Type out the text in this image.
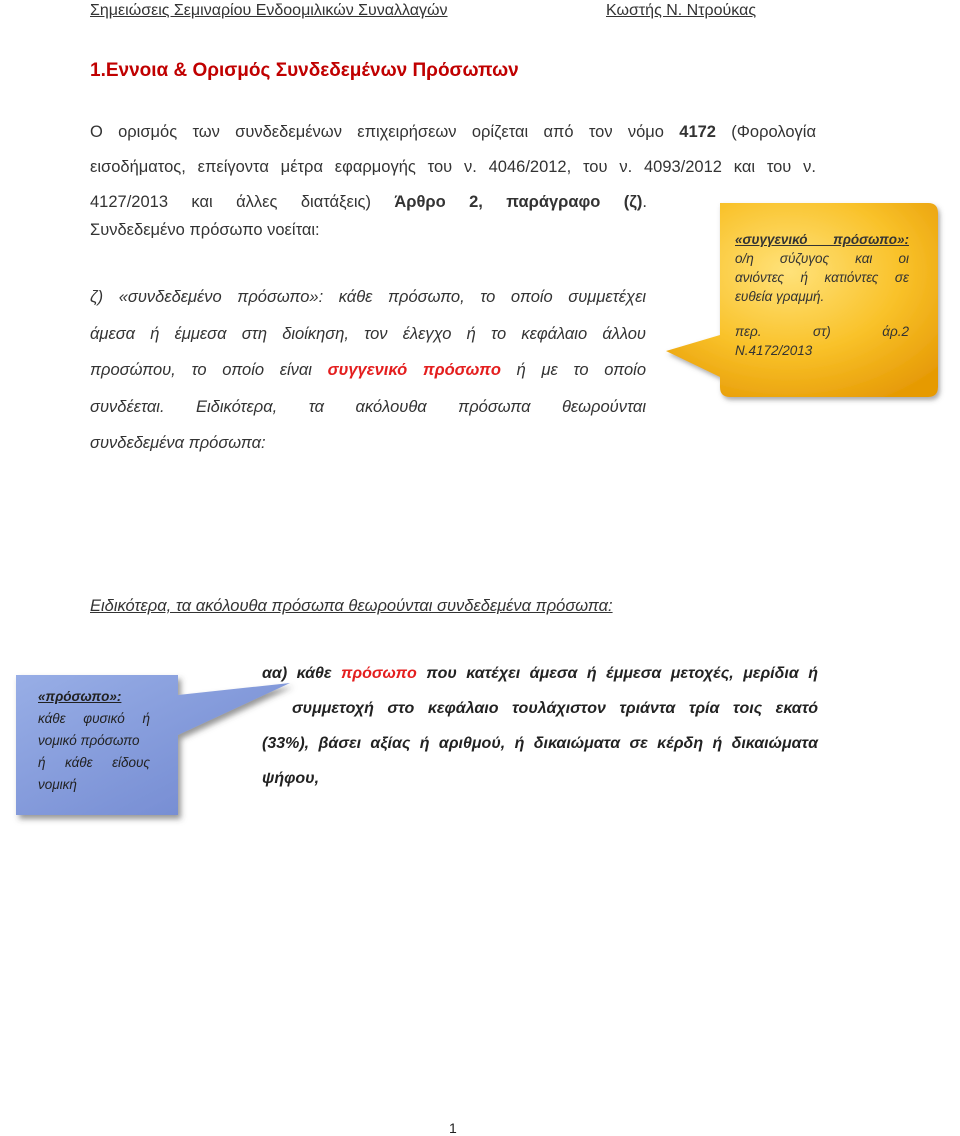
Σημειώσεις Σεμιναρίου Ενδοομιλικών Συναλλαγών	Κωστής Ν. Ντρούκας
1.Εννοια & Ορισμός Συνδεδεμένων Πρόσωπων
Ο ορισμός των συνδεδεμένων επιχειρήσεων ορίζεται από τον νόμο 4172 (Φορολογία
εισοδήματος, επείγοντα μέτρα εφαρμογής του ν. 4046/2012, του ν. 4093/2012 και του ν.
4127/2013 και άλλες διατάξεις) Άρθρο 2, παράγραφο (ζ).
Συνδεδεμένο πρόσωπο νοείται:
ζ) «συνδεδεμένο πρόσωπο»: κάθε πρόσωπο, το οποίο συμμετέχει
άμεσα ή έμμεσα στη διοίκηση, τον έλεγχο ή το κεφάλαιο άλλου
προσώπου, το οποίο είναι συγγενικό πρόσωπο ή με το οποίο
συνδέεται. Ειδικότερα, τα ακόλουθα πρόσωπα θεωρούνται
συνδεδεμένα πρόσωπα:
«συγγενικό πρόσωπο»:
ο/η σύζυγος και οι
ανιόντες ή κατιόντες σε
ευθεία γραμμή.
περ. στ) άρ.2
Ν.4172/2013
Ειδικότερα, τα ακόλουθα πρόσωπα θεωρούνται συνδεδεμένα πρόσωπα:
«πρόσωπο»:
κάθε φυσικό ή
νομικό πρόσωπο
ή κάθε είδους
νομική
αα) κάθε πρόσωπο που κατέχει άμεσα ή έμμεσα μετοχές, μερίδια ή
συμμετοχή στο κεφάλαιο τουλάχιστον τριάντα τρία τοις εκατό
(33%), βάσει αξίας ή αριθμού, ή δικαιώματα σε κέρδη ή δικαιώματα
ψήφου,
1
